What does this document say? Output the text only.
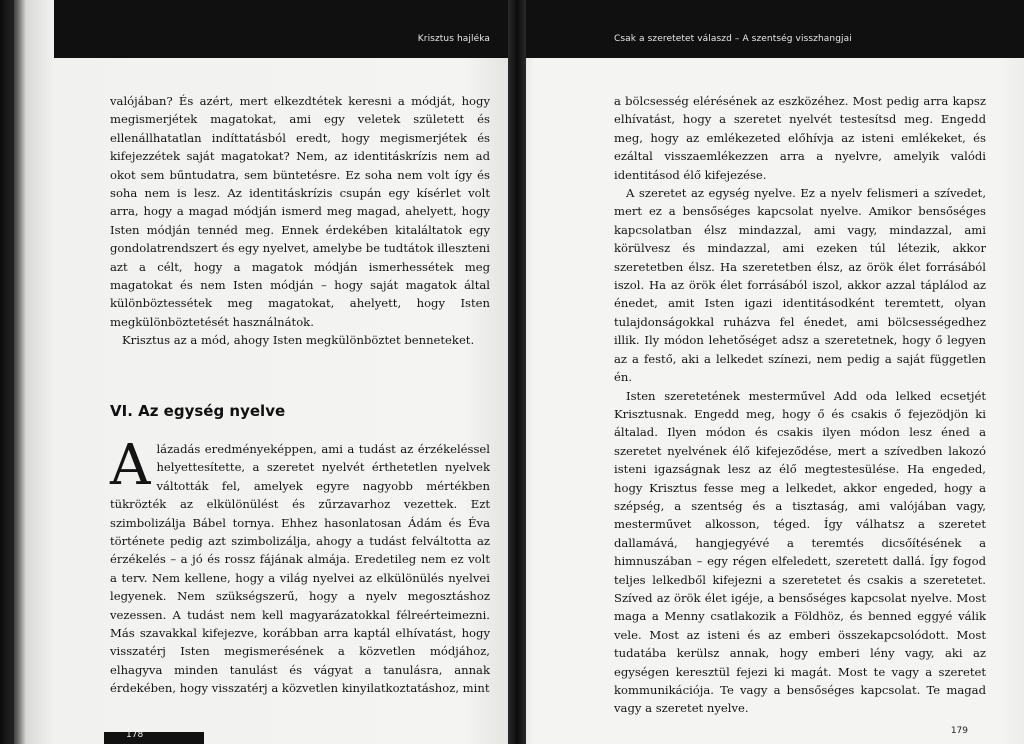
Krisztus hajléka

valójában? És azért, mert elkezdtétek keresni a módját, hogy megismerjétek magatokat, ami egy veletek született és ellenállhatatlan indíttatásból eredt, hogy megismerjétek és kifejezzétek saját magatokat? Nem, az identitáskrízis nem ad okot sem bűntudatra, sem büntetésre. Ez soha nem volt így és soha nem is lesz. Az identitáskrízis csupán egy kísérlet volt arra, hogy a magad módján ismerd meg magad, ahelyett, hogy Isten módján tennéd meg. Ennek érdekében kitaláltatok egy gondolatrendszert és egy nyelvet, amelybe be tudtátok illeszteni azt a célt, hogy a magatok módján ismerhessétek meg magatokat és nem Isten módján – hogy saját magatok által különböztessétek meg magatokat, ahelyett, hogy Isten megkülönböztetését használnátok.

Krisztus az a mód, ahogy Isten megkülönböztet benneteket.

VI. Az egység nyelve

Alázadás eredményeképpen, ami a tudást az érzékeléssel helyettesítette, a szeretet nyelvét érthetetlen nyelvek váltották fel, amelyek egyre nagyobb mértékben tükrözték az elkülönülést és zűrzavarhoz vezettek. Ezt szimbolizálja Bábel tornya. Ehhez hasonlatosan Ádám és Éva története pedig azt szimbolizálja, ahogy a tudást felváltotta az érzékelés – a jó és rossz fájának almája. Eredetileg nem ez volt a terv. Nem kellene, hogy a világ nyelvei az elkülönülés nyelvei legyenek. Nem szükségszerű, hogy a nyelv megosztáshoz vezessen. A tudást nem kell magyarázatokkal félreérteimezni. Más szavakkal kifejezve, korábban arra kaptál elhívatást, hogy visszatérj Isten megismerésének a közvetlen módjához, elhagyva minden tanulást és vágyat a tanulásra, annak érdekében, hogy visszatérj a közvetlen kinyilatkoztatáshoz, mint

178
Csak a szeretetet válaszd – A szentség visszhangjai

a bölcsesség elérésének az eszközéhez. Most pedig arra kapsz elhívatást, hogy a szeretet nyelvét testesítsd meg. Engedd meg, hogy az emlékezeted előhívja az isteni emlékeket, és ezáltal visszaemlékezzen arra a nyelvre, amelyik valódi identitásod élő kifejezése.

A szeretet az egység nyelve. Ez a nyelv felismeri a szívedet, mert ez a bensőséges kapcsolat nyelve. Amikor bensőséges kapcsolatban élsz mindazzal, ami vagy, mindazzal, ami körülvesz és mindazzal, ami ezeken túl létezik, akkor szeretetben élsz. Ha szeretetben élsz, az örök élet forrásából iszol. Ha az örök élet forrásából iszol, akkor azzal táplálod az énedet, amit Isten igazi identitásodként teremtett, olyan tulajdonságokkal ruházva fel énedet, ami bölcsességedhez illik. Ily módon lehetőséget adsz a szeretetnek, hogy ő legyen az a festő, aki a lelkedet színezi, nem pedig a saját független én.

Isten szeretetének mesterművel Add oda lelked ecsetjét Krisztusnak. Engedd meg, hogy ő és csakis ő fejezödjön ki általad. Ilyen módon és csakis ilyen módon lesz éned a szeretet nyelvének élő kifejeződése, mert a szívedben lakozó isteni igazságnak lesz az élő megtestesülése. Ha engeded, hogy Krisztus fesse meg a lelkedet, akkor engeded, hogy a szépség, a szentség és a tisztaság, ami valójában vagy, mesterművet alkosson, téged. Így válhatsz a szeretet dallamává, hangjegyévé a teremtés dicsőítésének a himnuszában – egy régen elfeledett, szeretett dallá. Így fogod teljes lelkedből kifejezni a szeretetet és csakis a szeretetet. Szíved az örök élet igéje, a bensőséges kapcsolat nyelve. Most maga a Menny csatlakozik a Földhöz, és benned eggyé válik vele. Most az isteni és az emberi összekapcsolódott. Most tudatába kerülsz annak, hogy emberi lény vagy, aki az egységen keresztül fejezi ki magát. Most te vagy a szeretet kommunikációja. Te vagy a bensőséges kapcsolat. Te magad vagy a szeretet nyelve.

179
